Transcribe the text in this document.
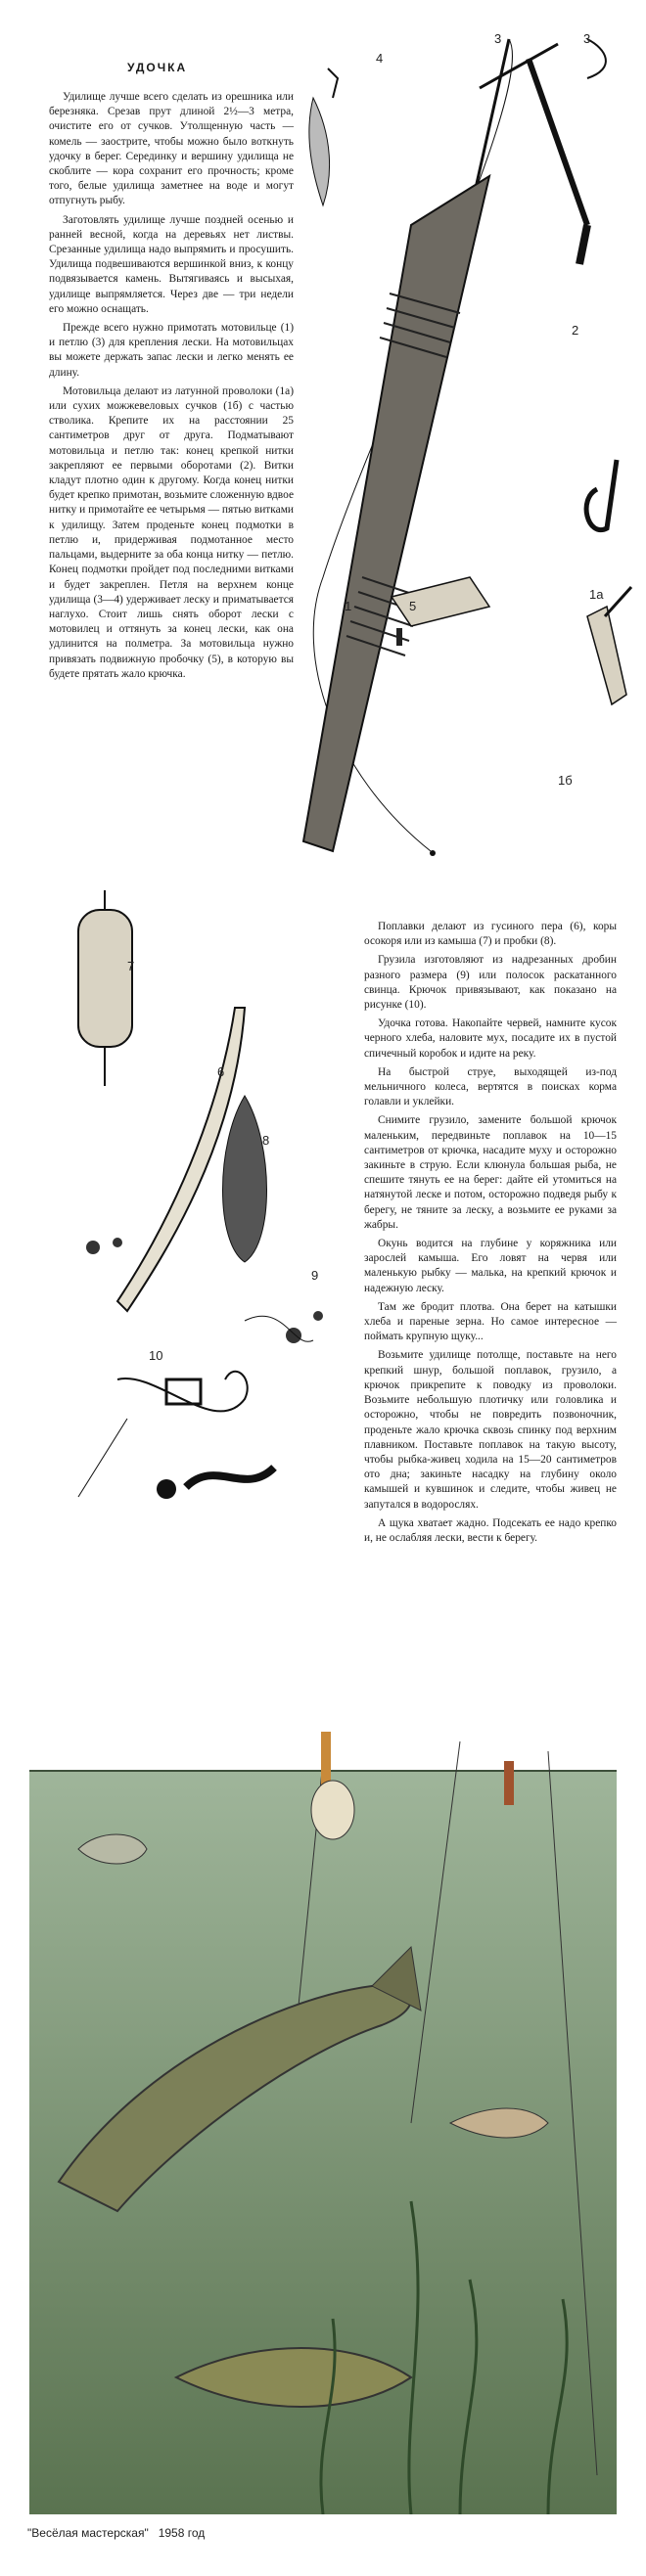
УДОЧКА

Удилище лучше всего сделать из орешника или березняка. Срезав прут длиной 2½—3 метра, очистите его от сучков. Утолщенную часть — комель — заострите, чтобы можно было воткнуть удочку в берег. Серединку и вершину удилища не скоблите — кора сохранит его прочность; кроме того, белые удилища заметнее на воде и могут отпугнуть рыбу.

Заготовлять удилище лучше поздней осенью и ранней весной, когда на деревьях нет листвы. Срезанные удилища надо выпрямить и просушить. Удилища подвешиваются вершинкой вниз, к концу подвязывается камень. Вытягиваясь и высыхая, удилище выпрямляется. Через две — три недели его можно оснащать.

Прежде всего нужно примотать мотовильце (1) и петлю (3) для крепления лески. На мотовильцах вы можете держать запас лески и легко менять ее длину.

Мотовильца делают из латунной проволоки (1а) или сухих можжевеловых сучков (1б) с частью стволика. Крепите их на расстоянии 25 сантиметров друг от друга. Подматывают мотовильца и петлю так: конец крепкой нитки закрепляют ее первыми оборотами (2). Витки кладут плотно один к другому. Когда конец нитки будет крепко примотан, возьмите сложенную вдвое нитку и примотайте ее четырьмя — пятью витками к удилищу. Затем проденьте конец подмотки в петлю и, придерживая подмотанное место пальцами, выдерните за оба конца нитку — петлю. Конец подмотки пройдет под последними витками и будет закреплен. Петля на верхнем конце удилища (3—4) удерживает леску и приматывается наглухо. Стоит лишь снять оборот лески с мотовилец и оттянуть за конец лески, как она удлинится на полметра. За мотовильца нужно привязать подвижную пробочку (5), в которую вы будете прятать жало крючка.

Поплавки делают из гусиного пера (6), коры осокоря или из камыша (7) и пробки (8).

Грузила изготовляют из надрезанных дробин разного размера (9) или полосок раскатанного свинца. Крючок привязывают, как показано на рисунке (10).

Удочка готова. Накопайте червей, намните кусок черного хлеба, наловите мух, посадите их в пустой спичечный коробок и идите на реку.

На быстрой струе, выходящей из-под мельничного колеса, вертятся в поисках корма голавли и уклейки.

Снимите грузило, замените большой крючок маленьким, передвиньте поплавок на 10—15 сантиметров от крючка, насадите муху и осторожно закиньте в струю. Если клюнула большая рыба, не спешите тянуть ее на берег: дайте ей утомиться на натянутой леске и потом, осторожно подведя рыбу к берегу, не тяните за леску, а возьмите ее руками за жабры.

Окунь водится на глубине у коряжника или зарослей камыша. Его ловят на червя или маленькую рыбку — малька, на крепкий крючок и надежную леску.

Там же бродит плотва. Она берет на катышки хлеба и пареные зерна. Но самое интересное — поймать крупную щуку...

Возьмите удилище потолще, поставьте на него крепкий шнур, большой поплавок, грузило, а крючок прикрепите к поводку из проволоки. Возьмите небольшую плотичку или головлика и осторожно, чтобы не повредить позвоночник, проденьте жало крючка сквозь спинку под верхним плавником. Поставьте поплавок на такую высоту, чтобы рыбка-живец ходила на 15—20 сантиметров ото дна; закиньте насадку на глубину около камышей и кувшинок и следите, чтобы живец не запутался в водорослях.

А щука хватает жадно. Подсекать ее надо крепко и, не ослабляя лески, вести к берегу.

1
2
3
4
5
1а
1б
3
7
6
8
9
10
"Весёлая мастерская" 1958 год	postila.ru
